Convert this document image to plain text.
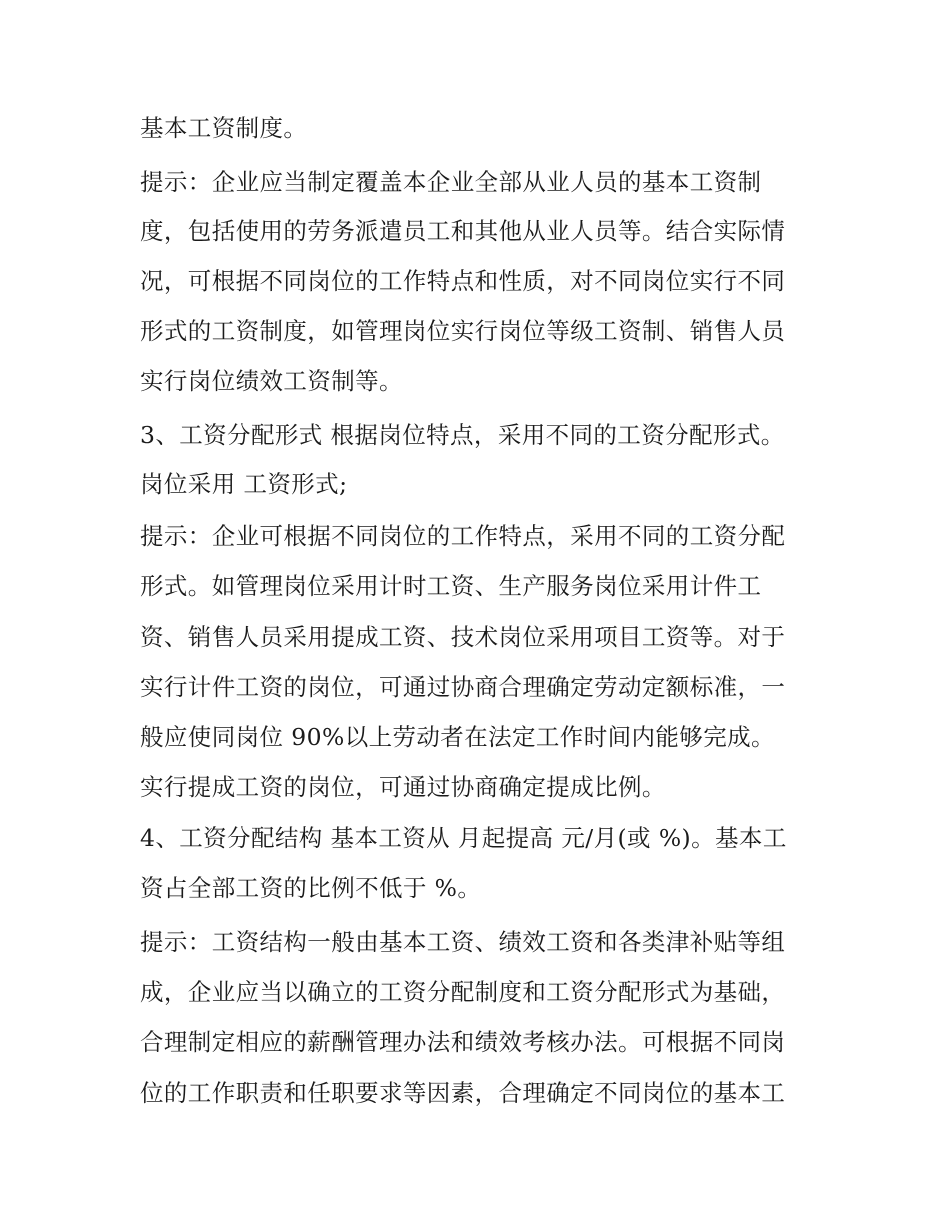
基本工资制度。
提示：企业应当制定覆盖本企业全部从业人员的基本工资制
度，包括使用的劳务派遣员工和其他从业人员等。结合实际情
况，可根据不同岗位的工作特点和性质，对不同岗位实行不同
形式的工资制度，如管理岗位实行岗位等级工资制、销售人员
实行岗位绩效工资制等。
3、工资分配形式 根据岗位特点，采用不同的工资分配形式。
岗位采用 工资形式;
提示：企业可根据不同岗位的工作特点，采用不同的工资分配
形式。如管理岗位采用计时工资、生产服务岗位采用计件工
资、销售人员采用提成工资、技术岗位采用项目工资等。对于
实行计件工资的岗位，可通过协商合理确定劳动定额标准，一
般应使同岗位 90%以上劳动者在法定工作时间内能够完成。
实行提成工资的岗位，可通过协商确定提成比例。
4、工资分配结构 基本工资从 月起提高 元/月(或 %)。基本工
资占全部工资的比例不低于 %。
提示：工资结构一般由基本工资、绩效工资和各类津补贴等组
成，企业应当以确立的工资分配制度和工资分配形式为基础，
合理制定相应的薪酬管理办法和绩效考核办法。可根据不同岗
位的工作职责和任职要求等因素，合理确定不同岗位的基本工
